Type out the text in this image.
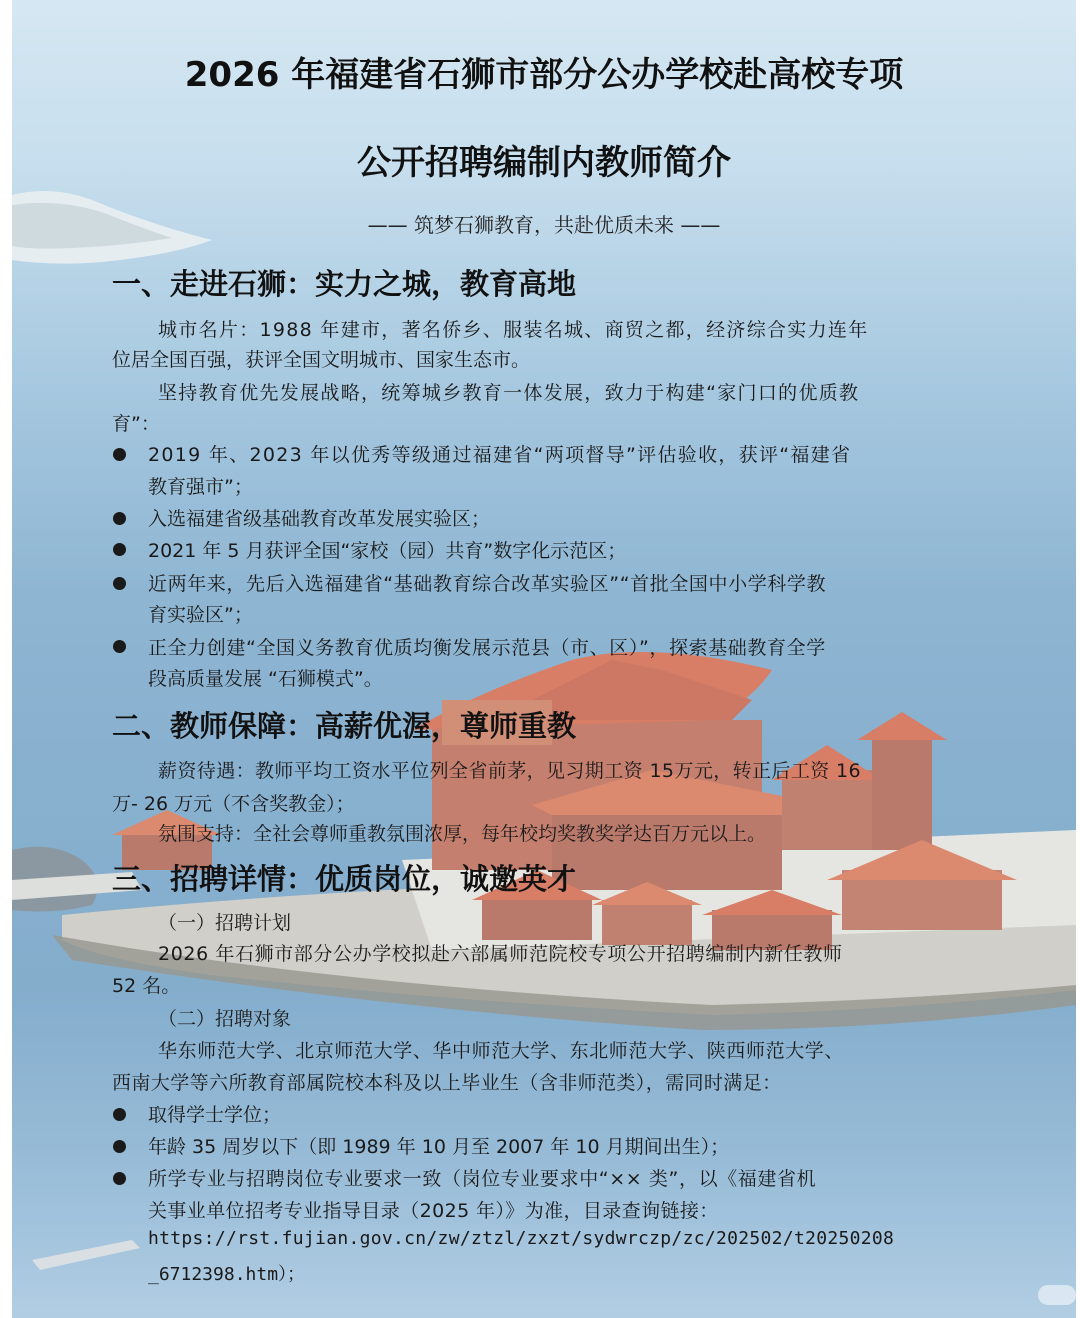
2026 年福建省石狮市部分公办学校赴高校专项
公开招聘编制内教师简介
—— 筑梦石狮教育，共赴优质未来 ——
一、走进石狮：实力之城，教育高地
城市名片：1988 年建市，著名侨乡、服装名城、商贸之都，经济综合实力连年
位居全国百强，获评全国文明城市、国家生态市。
坚持教育优先发展战略，统筹城乡教育一体发展，致力于构建“家门口的优质教
育”：
2019 年、2023 年以优秀等级通过福建省“两项督导”评估验收，获评“福建省
教育强市”；
入选福建省级基础教育改革发展实验区；
2021 年 5 月获评全国“家校（园）共育”数字化示范区；
近两年来，先后入选福建省“基础教育综合改革实验区”“首批全国中小学科学教
育实验区”；
正全力创建“全国义务教育优质均衡发展示范县（市、区）”，探索基础教育全学
段高质量发展 “石狮模式”。
二、教师保障：高薪优渥，尊师重教
薪资待遇：教师平均工资水平位列全省前茅，见习期工资 15万元，转正后工资 16
万- 26 万元（不含奖教金）；
氛围支持：全社会尊师重教氛围浓厚，每年校均奖教奖学达百万元以上。
三、招聘详情：优质岗位，诚邀英才
（一）招聘计划
2026 年石狮市部分公办学校拟赴六部属师范院校专项公开招聘编制内新任教师
52 名。
（二）招聘对象
华东师范大学、北京师范大学、华中师范大学、东北师范大学、陕西师范大学、
西南大学等六所教育部属院校本科及以上毕业生（含非师范类），需同时满足：
取得学士学位；
年龄 35 周岁以下（即 1989 年 10 月至 2007 年 10 月期间出生）；
所学专业与招聘岗位专业要求一致（岗位专业要求中“×× 类”，以《福建省机
关事业单位招考专业指导目录（2025 年）》为准，目录查询链接：
https://rst.fujian.gov.cn/zw/ztzl/zxzt/sydwrczp/zc/202502/t20250208
_6712398.htm）；
